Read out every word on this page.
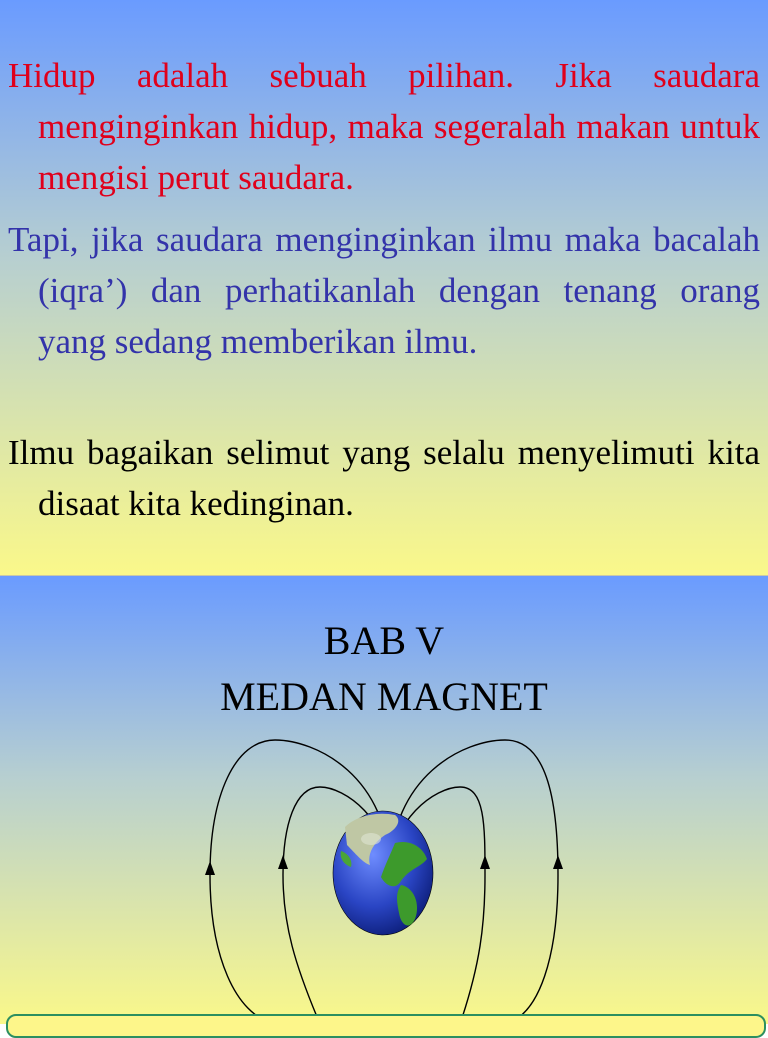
Hidup adalah sebuah pilihan. Jika saudara menginginkan hidup, maka segeralah makan untuk mengisi perut saudara.

Tapi, jika saudara menginginkan ilmu maka bacalah (iqra’) dan perhatikanlah dengan tenang orang yang sedang memberikan ilmu.

Ilmu bagaikan selimut yang selalu menyelimuti kita disaat kita kedinginan.

BAB V
MEDAN MAGNET
